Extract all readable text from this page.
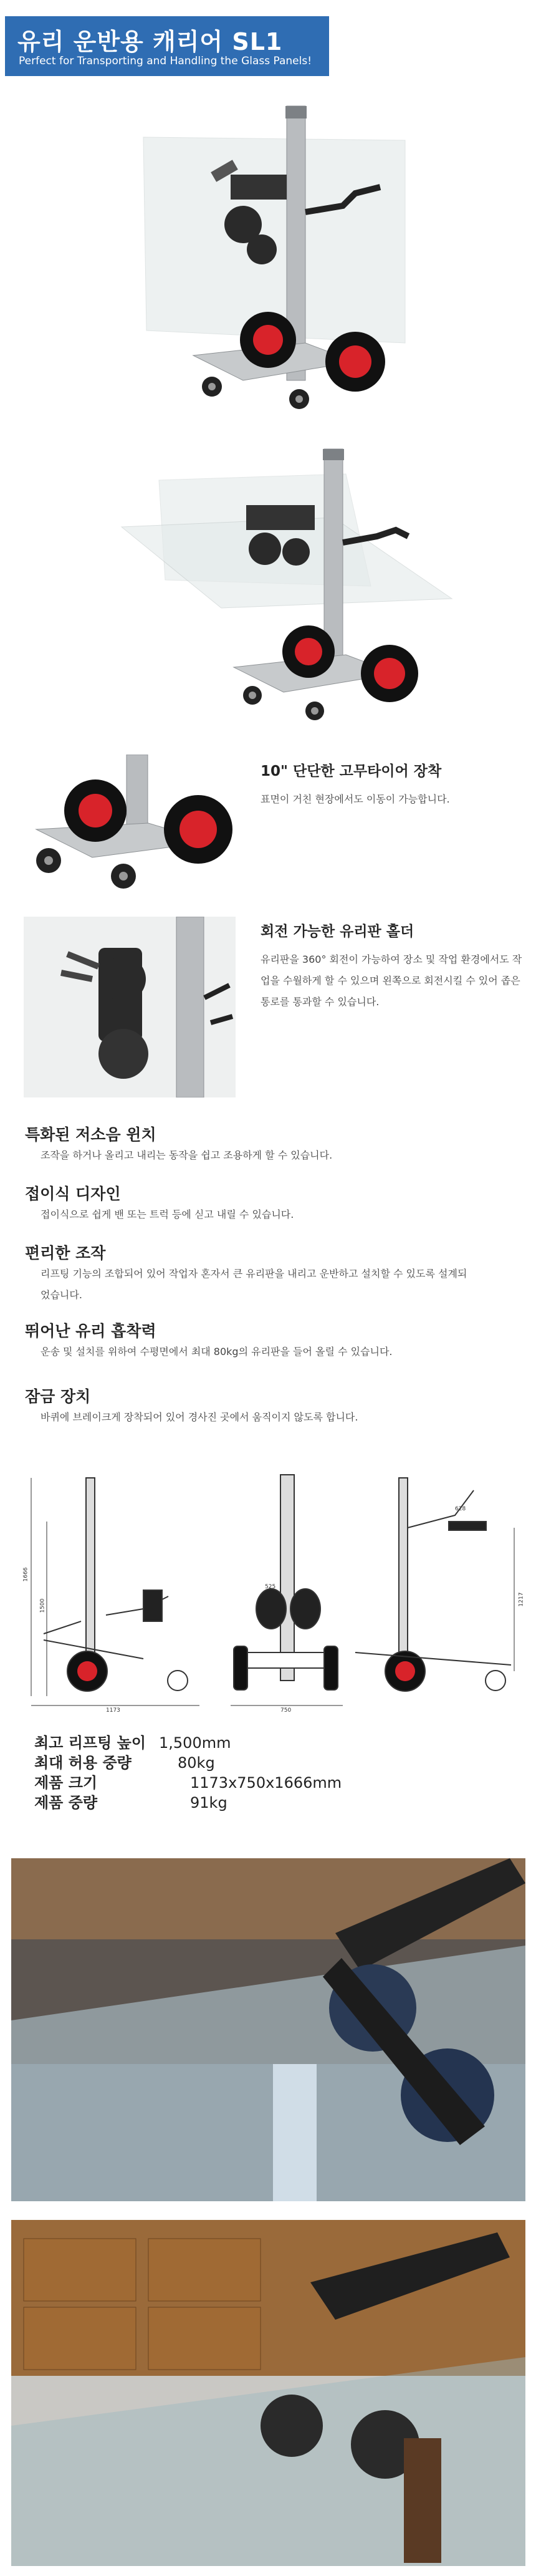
유리 운반용 캐리어 SL1
Perfect for Transporting and Handling the Glass Panels!
10" 단단한 고무타이어 장착
표면이 거친 현장에서도 이동이 가능합니다.
회전 가능한 유리판 홀더
유리판을 360° 회전이 가능하여 장소 및 작업 환경에서도 작업을 수월하게 할 수 있으며 왼쪽으로 회전시킬 수 있어 좁은 통로를 통과할 수 있습니다.
특화된 저소음 윈치
조작을 하거나 올리고 내리는 동작을 쉽고 조용하게 할 수 있습니다.
접이식 디자인
접이식으로 쉽게 밴 또는 트럭 등에 싣고 내릴 수 있습니다.
편리한 조작
리프팅 기능의 조합되어 있어 작업자 혼자서 큰 유리판을 내리고 운반하고 설치할 수 있도록 설계되었습니다.
뛰어난 유리 흡착력
운송 및 설치를 위하여 수평면에서 최대 80kg의 유리판을 들어 올릴 수 있습니다.
잠금 장치
바퀴에 브레이크게 장착되어 있어 경사진 곳에서 움직이지 않도록 합니다.
1666
1500
1173
525
750
628
1217
최고 리프팅 높이 1,500mm
최대 허용 중량	80kg
제품 크기	1173x750x1666mm
제품 중량	91kg
